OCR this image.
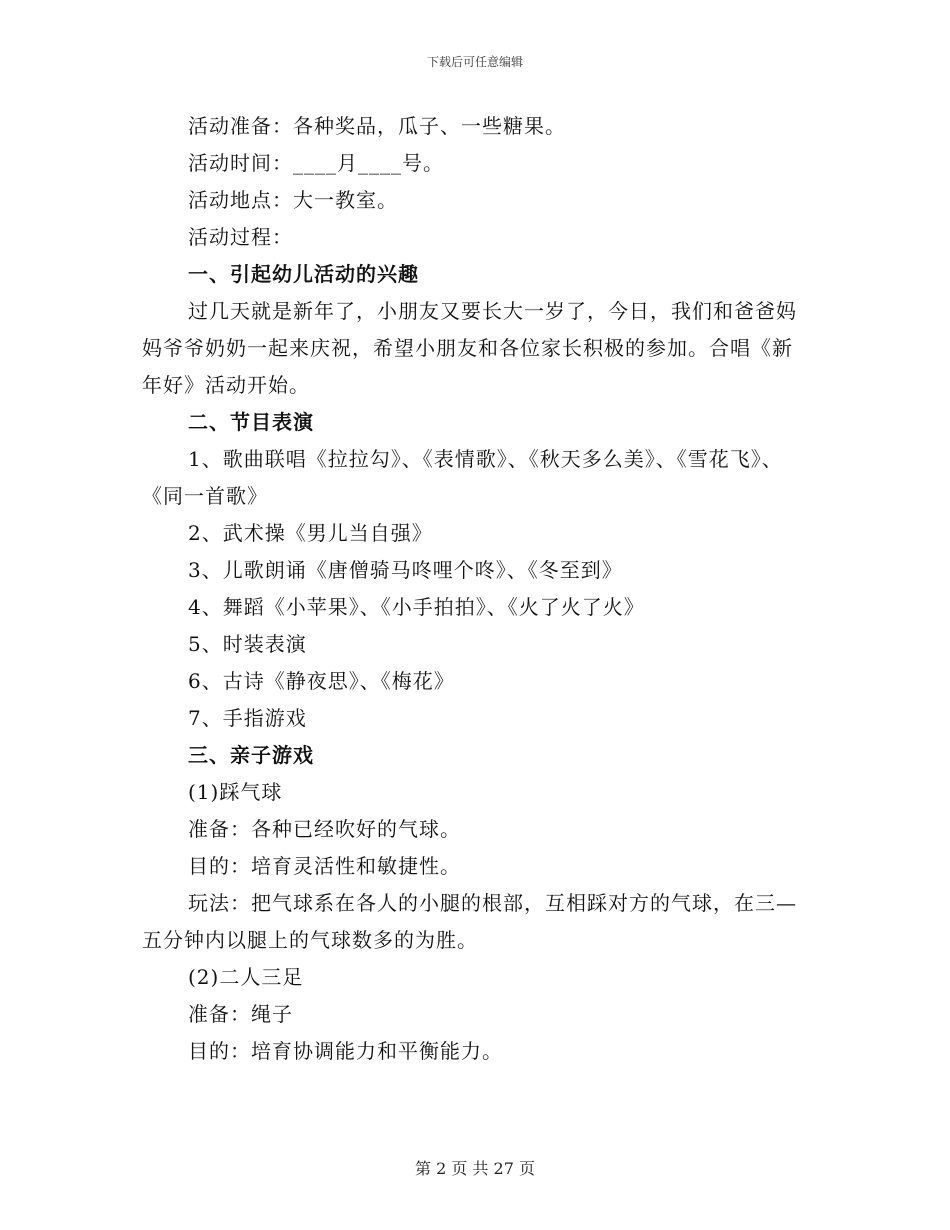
下载后可任意编辑

活动准备：各种奖品，瓜子、一些糖果。

活动时间：____月____号。

活动地点：大一教室。

活动过程：

一、引起幼儿活动的兴趣

过几天就是新年了，小朋友又要长大一岁了，今日，我们和爸爸妈妈爷爷奶奶一起来庆祝，希望小朋友和各位家长积极的参加。合唱《新年好》活动开始。

二、节目表演

1、歌曲联唱《拉拉勾》、《表情歌》、《秋天多么美》、《雪花飞》、《同一首歌》

2、武术操《男儿当自强》

3、儿歌朗诵《唐僧骑马咚哩个咚》、《冬至到》

4、舞蹈《小苹果》、《小手拍拍》、《火了火了火》

5、时装表演

6、古诗《静夜思》、《梅花》

7、手指游戏

三、亲子游戏

(1)踩气球

准备：各种已经吹好的气球。

目的：培育灵活性和敏捷性。

玩法：把气球系在各人的小腿的根部，互相踩对方的气球，在三—五分钟内以腿上的气球数多的为胜。

(2)二人三足

准备：绳子

目的：培育协调能力和平衡能力。

第 2 页 共 27 页
